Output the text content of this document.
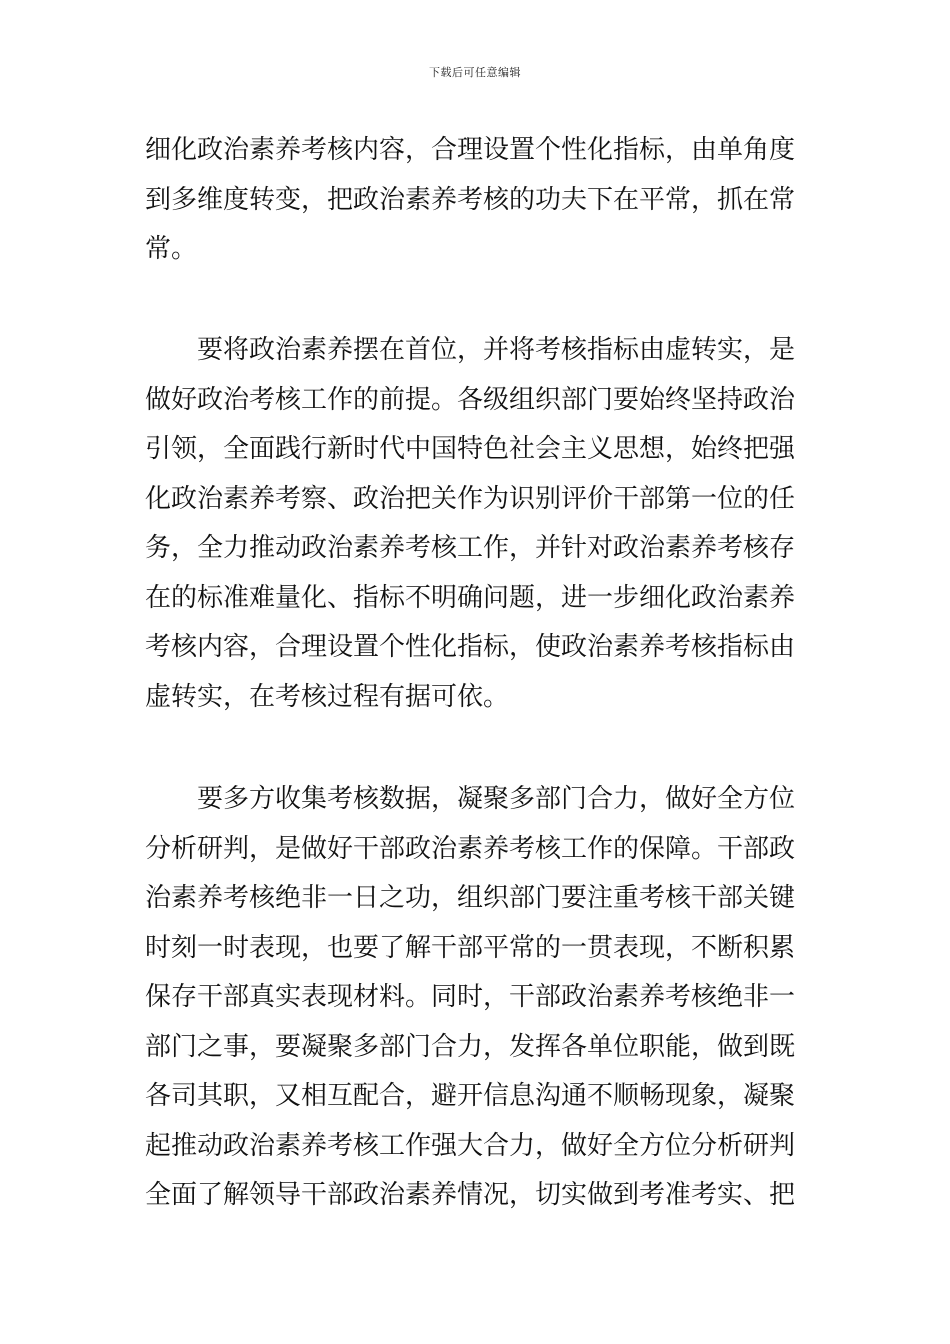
下载后可任意编辑
细化政治素养考核内容，合理设置个性化指标，由单角度
到多维度转变，把政治素养考核的功夫下在平常，抓在常
常。
要将政治素养摆在首位，并将考核指标由虚转实，是
做好政治考核工作的前提。各级组织部门要始终坚持政治
引领，全面践行新时代中国特色社会主义思想，始终把强
化政治素养考察、政治把关作为识别评价干部第一位的任
务，全力推动政治素养考核工作，并针对政治素养考核存
在的标准难量化、指标不明确问题，进一步细化政治素养
考核内容，合理设置个性化指标，使政治素养考核指标由
虚转实，在考核过程有据可依。
要多方收集考核数据，凝聚多部门合力，做好全方位
分析研判，是做好干部政治素养考核工作的保障。干部政
治素养考核绝非一日之功，组织部门要注重考核干部关键
时刻一时表现，也要了解干部平常的一贯表现，不断积累
保存干部真实表现材料。同时，干部政治素养考核绝非一
部门之事，要凝聚多部门合力，发挥各单位职能，做到既
各司其职，又相互配合，避开信息沟通不顺畅现象，凝聚
起推动政治素养考核工作强大合力，做好全方位分析研判
全面了解领导干部政治素养情况，切实做到考准考实、把
